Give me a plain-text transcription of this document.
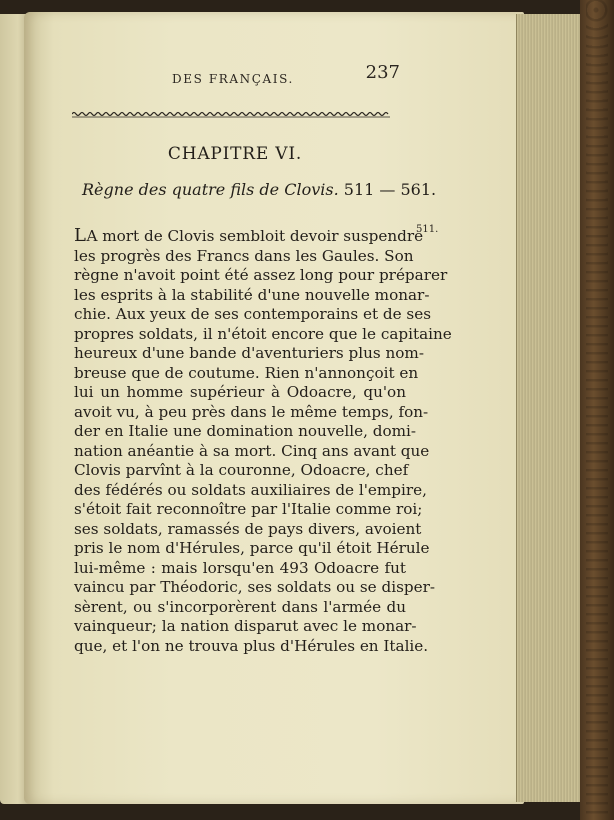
DES FRANÇAIS.	237
CHAPITRE VI.
Règne des quatre fils de Clovis. 511 — 561.
511.
LA mort de Clovis sembloit devoir suspendre
les progrès des Francs dans les Gaules. Son
règne n'avoit point été assez long pour préparer
les esprits à la stabilité d'une nouvelle monar-
chie. Aux yeux de ses contemporains et de ses
propres soldats, il n'étoit encore que le capitaine
heureux d'une bande d'aventuriers plus nom-
breuse que de coutume. Rien n'annonçoit en
lui un homme supérieur à Odoacre, qu'on
avoit vu, à peu près dans le même temps, fon-
der en Italie une domination nouvelle, domi-
nation anéantie à sa mort. Cinq ans avant que
Clovis parvînt à la couronne, Odoacre, chef
des fédérés ou soldats auxiliaires de l'empire,
s'étoit fait reconnoître par l'Italie comme roi;
ses soldats, ramassés de pays divers, avoient
pris le nom d'Hérules, parce qu'il étoit Hérule
lui-même : mais lorsqu'en 493 Odoacre fut
vaincu par Théodoric, ses soldats ou se disper-
sèrent, ou s'incorporèrent dans l'armée du
vainqueur; la nation disparut avec le monar-
que, et l'on ne trouva plus d'Hérules en Italie.
